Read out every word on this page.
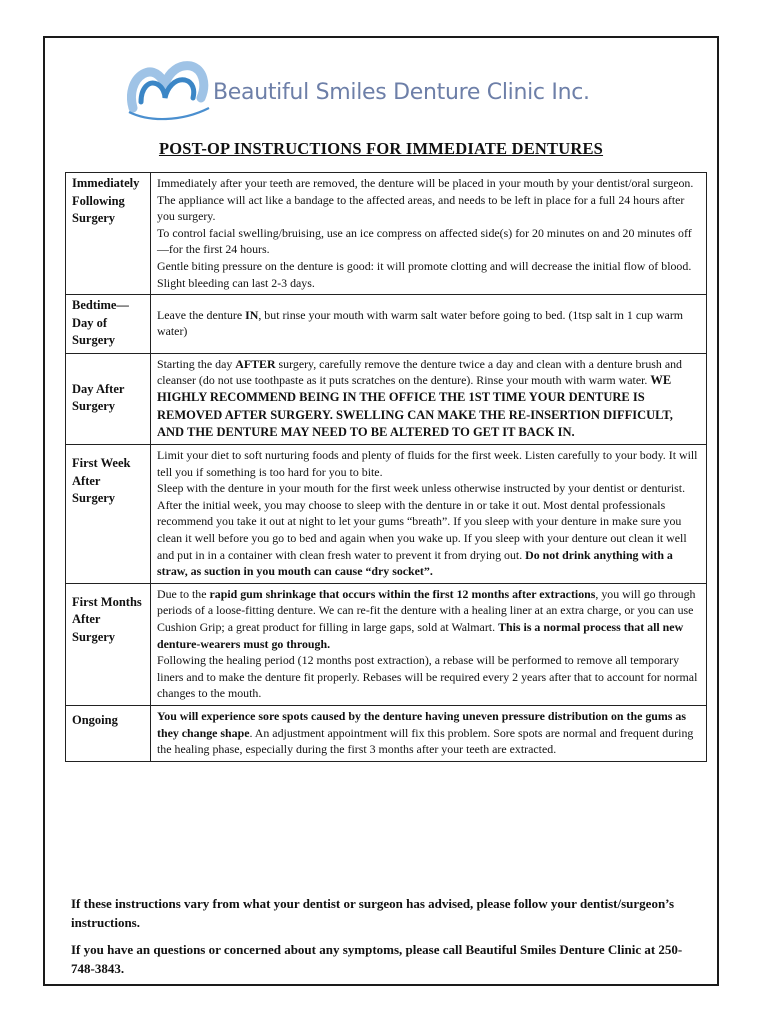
Beautiful Smiles Denture Clinic Inc.
POST-OP INSTRUCTIONS FOR IMMEDIATE DENTURES
Immediately Following Surgery	Immediately after your teeth are removed, the denture will be placed in your mouth by your dentist/oral surgeon. The appliance will act like a bandage to the affected areas, and needs to be left in place for a full 24 hours after you surgery.

To control facial swelling/bruising, use an ice compress on affected side(s) for 20 minutes on and 20 minutes off—for the first 24 hours.

Gentle biting pressure on the denture is good: it will promote clotting and will decrease the initial flow of blood. Slight bleeding can last 2-3 days.

Bedtime— Day of Surgery	Leave the denture IN, but rinse your mouth with warm salt water before going to bed. (1tsp salt in 1 cup warm water)

Day After Surgery	Starting the day AFTER surgery, carefully remove the denture twice a day and clean with a denture brush and cleanser (do not use toothpaste as it puts scratches on the denture). Rinse your mouth with warm water. WE HIGHLY RECOMMEND BEING IN THE OFFICE THE 1ST TIME YOUR DENTURE IS REMOVED AFTER SURGERY. SWELLING CAN MAKE THE RE-INSERTION DIFFICULT, AND THE DENTURE MAY NEED TO BE ALTERED TO GET IT BACK IN.

First Week After Surgery	Limit your diet to soft nurturing foods and plenty of fluids for the first week. Listen carefully to your body. It will tell you if something is too hard for you to bite.

Sleep with the denture in your mouth for the first week unless otherwise instructed by your dentist or denturist.

After the initial week, you may choose to sleep with the denture in or take it out. Most dental professionals recommend you take it out at night to let your gums “breath”. If you sleep with your denture in make sure you clean it well before you go to bed and again when you wake up. If you sleep with your denture out clean it well and put in in a container with clean fresh water to prevent it from drying out. Do not drink anything with a straw, as suction in you mouth can cause “dry socket”.

First Months After Surgery	Due to the rapid gum shrinkage that occurs within the first 12 months after extractions, you will go through periods of a loose-fitting denture. We can re-fit the denture with a healing liner at an extra charge, or you can use Cushion Grip; a great product for filling in large gaps, sold at Walmart. This is a normal process that all new denture-wearers must go through.

Following the healing period (12 months post extraction), a rebase will be performed to remove all temporary liners and to make the denture fit properly. Rebases will be required every 2 years after that to account for normal changes to the mouth.

Ongoing	You will experience sore spots caused by the denture having uneven pressure distribution on the gums as they change shape. An adjustment appointment will fix this problem. Sore spots are normal and frequent during the healing phase, especially during the first 3 months after your teeth are extracted.

If these instructions vary from what your dentist or surgeon has advised, please follow your dentist/surgeon’s instructions.

If you have an questions or concerned about any symptoms, please call Beautiful Smiles Denture Clinic at 250-748-3843.
